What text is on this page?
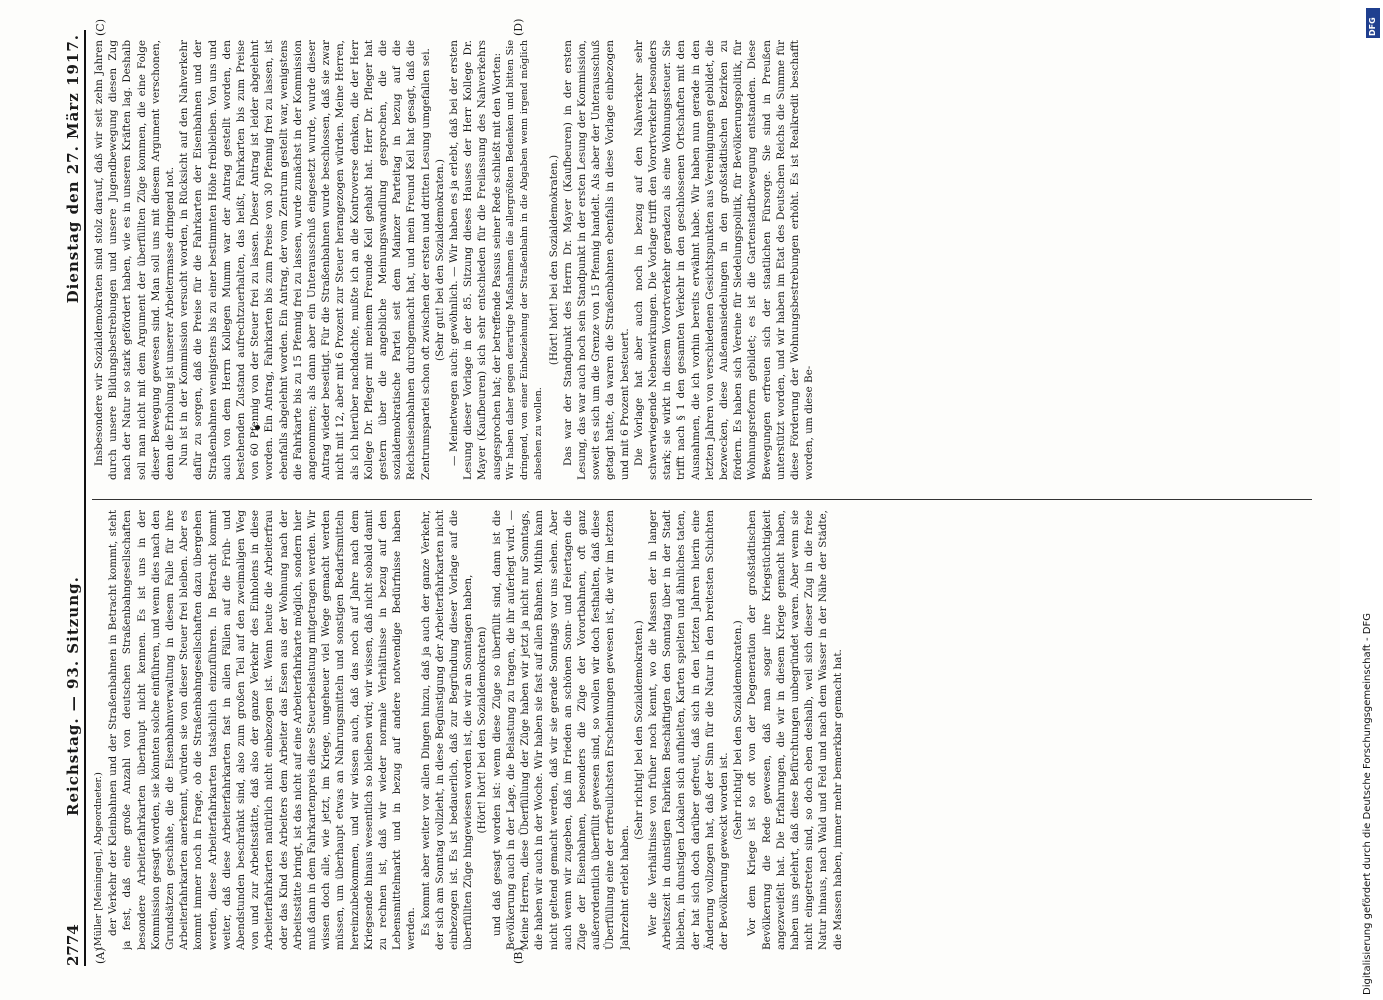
2774
Reichstag. — 93. Sitzung.
Dienstag den 27. März 1917.
(A)	(B)
(C)	(D)

(Müller [Meiningen], Abgeordneter.) der Verkehr der Kleinbahnen und der Straßenbahnen in Betracht kommt, steht ja fest, daß eine große Anzahl von deutschen Straßenbahngesellschaften besondere Arbeiterfahrkarten überhaupt nicht kennen. Es ist uns in der Kommission gesagt worden, sie könnten solche einführen, und wenn dies nach den Grundsätzen geschähe, die die Eisenbahnverwaltung in diesem Falle für ihre Arbeiterfahrkarten anerkennt, würden sie von dieser Steuer frei bleiben. Aber es kommt immer noch in Frage, ob die Straßenbahngesellschaften dazu übergehen werden, diese Arbeiterfahrkarten tatsächlich einzuführen. In Betracht kommt weiter, daß diese Arbeiterfahrkarten fast in allen Fällen auf die Früh- und Abendstunden beschränkt sind, also zum großen Teil auf den zweimaligen Weg von und zur Arbeitsstätte, daß also der ganze Verkehr des Einholens in diese Arbeiterfahrkarten natürlich nicht einbezogen ist. Wenn heute die Arbeiterfrau oder das Kind des Arbeiters dem Arbeiter das Essen aus der Wohnung nach der Arbeitsstätte bringt, ist das nicht auf eine Arbeiterfahrkarte möglich, sondern hier muß dann in dem Fahrkartenpreis diese Steuerbelastung mitgetragen werden. Wir wissen doch alle, wie jetzt, im Kriege, ungeheuer viel Wege gemacht werden müssen, um überhaupt etwas an Nahrungsmitteln und sonstigen Bedarfsmitteln hereinzubekommen, und wir wissen auch, daß das noch auf Jahre nach dem Kriegsende hinaus wesentlich so bleiben wird; wir wissen, daß nicht sobald damit zu rechnen ist, daß wir wieder normale Verhältnisse in bezug auf den Lebensmittelmarkt und in bezug auf andere notwendige Bedürfnisse haben werden. Es kommt aber weiter vor allen Dingen hinzu, daß ja auch der ganze Verkehr, der sich am Sonntag vollzieht, in diese Begünstigung der Arbeiterfahrkarten nicht einbezogen ist. Es ist bedauerlich, daß zur Begründung dieser Vorlage auf die überfüllten Züge hingewiesen worden ist, die wir an Sonntagen haben, (Hört! hört! bei den Sozialdemokraten) und daß gesagt worden ist: wenn diese Züge so überfüllt sind, dann ist die Bevölkerung auch in der Lage, die Belastung zu tragen, die ihr auferlegt wird. — Meine Herren, diese Überfüllung der Züge haben wir jetzt ja nicht nur Sonntags, die haben wir auch in der Woche. Wir haben sie fast auf allen Bahnen. Mithin kann nicht geltend gemacht werden, daß wir sie gerade Sonntags vor uns sehen. Aber auch wenn wir zugeben, daß im Frieden an schönen Sonn- und Feiertagen die Züge der Eisenbahnen, besonders die Züge der Vorortbahnen, oft ganz außerordentlich überfüllt gewesen sind, so wollen wir doch festhalten, daß diese Überfüllung eine der erfreulichsten Erscheinungen gewesen ist, die wir im letzten Jahrzehnt erlebt haben.

(Sehr richtig! bei den Sozialdemokraten.) Wer die Verhältnisse von früher noch kennt, wo die Massen der in langer Arbeitszeit in dunstigen Fabriken Beschäftigten den Sonntag über in der Stadt blieben, in dunstigen Lokalen sich aufhielten, Karten spielten und ähnliches taten, der hat sich doch darüber gefreut, daß sich in den letzten Jahren hierin eine Änderung vollzogen hat, daß der Sinn für die Natur in den breitesten Schichten der Bevölkerung geweckt worden ist.

(Sehr richtig! bei den Sozialdemokraten.) Vor dem Kriege ist so oft von der Degeneration der großstädtischen Bevölkerung die Rede gewesen, daß man sogar ihre Kriegstüchtigkeit angezweifelt hat. Die Erfahrungen, die wir in diesem Kriege gemacht haben, haben uns gelehrt, daß diese Befürchtungen unbegründet waren. Aber wenn sie nicht eingetreten sind, so doch eben deshalb, weil sich dieser Zug in die freie Natur hinaus, nach Wald und Feld und nach dem Wasser in der Nähe der Städte, die Massen haben, immer mehr bemerkbar gemacht hat.

Insbesondere wir Sozialdemokraten sind stolz darauf, daß wir seit zehn Jahren durch unsere Bildungsbestrebungen und unsere Jugendbewegung diesen Zug nach der Natur so stark gefördert haben, wie es in unseren Kräften lag. Deshalb soll man nicht mit dem Argument der überfüllten Züge kommen, die eine Folge dieser Bewegung gewesen sind. Man soll uns mit diesem Argument verschonen, denn die Erholung ist unserer Arbeitermasse dringend not. Nun ist in der Kommission versucht worden, in Rücksicht auf den Nahverkehr dafür zu sorgen, daß die Preise für die Fahrkarten der Eisenbahnen und der Straßenbahnen wenigstens bis zu einer bestimmten Höhe freibleiben. Von uns und auch von dem Herrn Kollegen Mumm war der Antrag gestellt worden, den bestehenden Zustand aufrechtzuerhalten, das heißt, Fahrkarten bis zum Preise von 60 Pfennig von der Steuer frei zu lassen. Dieser Antrag ist leider abgelehnt worden. Ein Antrag, Fahrkarten bis zum Preise von 30 Pfennig frei zu lassen, ist ebenfalls abgelehnt worden. Ein Antrag, der vom Zentrum gestellt war, wenigstens die Fahrkarte bis zu 15 Pfennig frei zu lassen, wurde zunächst in der Kommission angenommen; als dann aber ein Unterausschuß eingesetzt wurde, wurde dieser Antrag wieder beseitigt. Für die Straßenbahnen wurde beschlossen, daß sie zwar nicht mit 12, aber mit 6 Prozent zur Steuer herangezogen würden. Meine Herren, als ich hierüber nachdachte, mußte ich an die Kontroverse denken, die der Herr Kollege Dr. Pfleger mit meinem Freunde Keil gehabt hat. Herr Dr. Pfleger hat gestern über die angebliche Meinungswandlung gesprochen, die die sozialdemokratische Partei seit dem Mainzer Parteitag in bezug auf die Reichseisenbahnen durchgemacht hat, und mein Freund Keil hat gesagt, daß die Zentrumspartei schon oft zwischen der ersten und dritten Lesung umgefallen sei. (Sehr gut! bei den Sozialdemokraten.) — Meinetwegen auch: gewöhnlich. — Wir haben es ja erlebt, daß bei der ersten Lesung dieser Vorlage in der 85. Sitzung dieses Hauses der Herr Kollege Dr. Mayer (Kaufbeuren) sich sehr entschieden für die Freilassung des Nahverkehrs ausgesprochen hat; der betreffende Passus seiner Rede schließt mit den Worten: Wir haben daher gegen derartige Maßnahmen die allergrößten Bedenken und bitten Sie dringend, von einer Einbeziehung der Straßenbahn in die Abgaben wenn irgend möglich absehen zu wollen.

(Hört! hört! bei den Sozialdemokraten.) Das war der Standpunkt des Herrn Dr. Mayer (Kaufbeuren) in der ersten Lesung, das war auch noch sein Standpunkt in der ersten Lesung der Kommission, soweit es sich um die Grenze von 15 Pfennig handelt. Als aber der Unterausschuß getagt hatte, da waren die Straßenbahnen ebenfalls in diese Vorlage einbezogen und mit 6 Prozent besteuert. Die Vorlage hat aber auch noch in bezug auf den Nahverkehr sehr schwerwiegende Nebenwirkungen. Die Vorlage trifft den Vorortverkehr besonders stark; sie wirkt in diesem Vorortverkehr geradezu als eine Wohnungssteuer. Sie trifft nach § 1 den gesamten Verkehr in den geschlossenen Ortschaften mit den Ausnahmen, die ich vorhin bereits erwähnt habe. Wir haben nun gerade in den letzten Jahren von verschiedenen Gesichtspunkten aus Vereinigungen gebildet, die bezwecken, diese Außenansiedelungen in den großstädtischen Bezirken zu fördern. Es haben sich Vereine für Siedelungspolitik, für Bevölkerungspolitik, für Wohnungsreform gebildet; es ist die Gartenstadtbewegung entstanden. Diese Bewegungen erfreuen sich der staatlichen Fürsorge. Sie sind in Preußen unterstützt worden, und wir haben im Etat des Deutschen Reichs die Summe für diese Förderung der Wohnungsbestrebungen erhöht. Es ist Realkredit beschafft worden, um diese Be-

Digitalisierung gefördert durch die Deutsche Forschungsgemeinschaft - DFG
DFG
